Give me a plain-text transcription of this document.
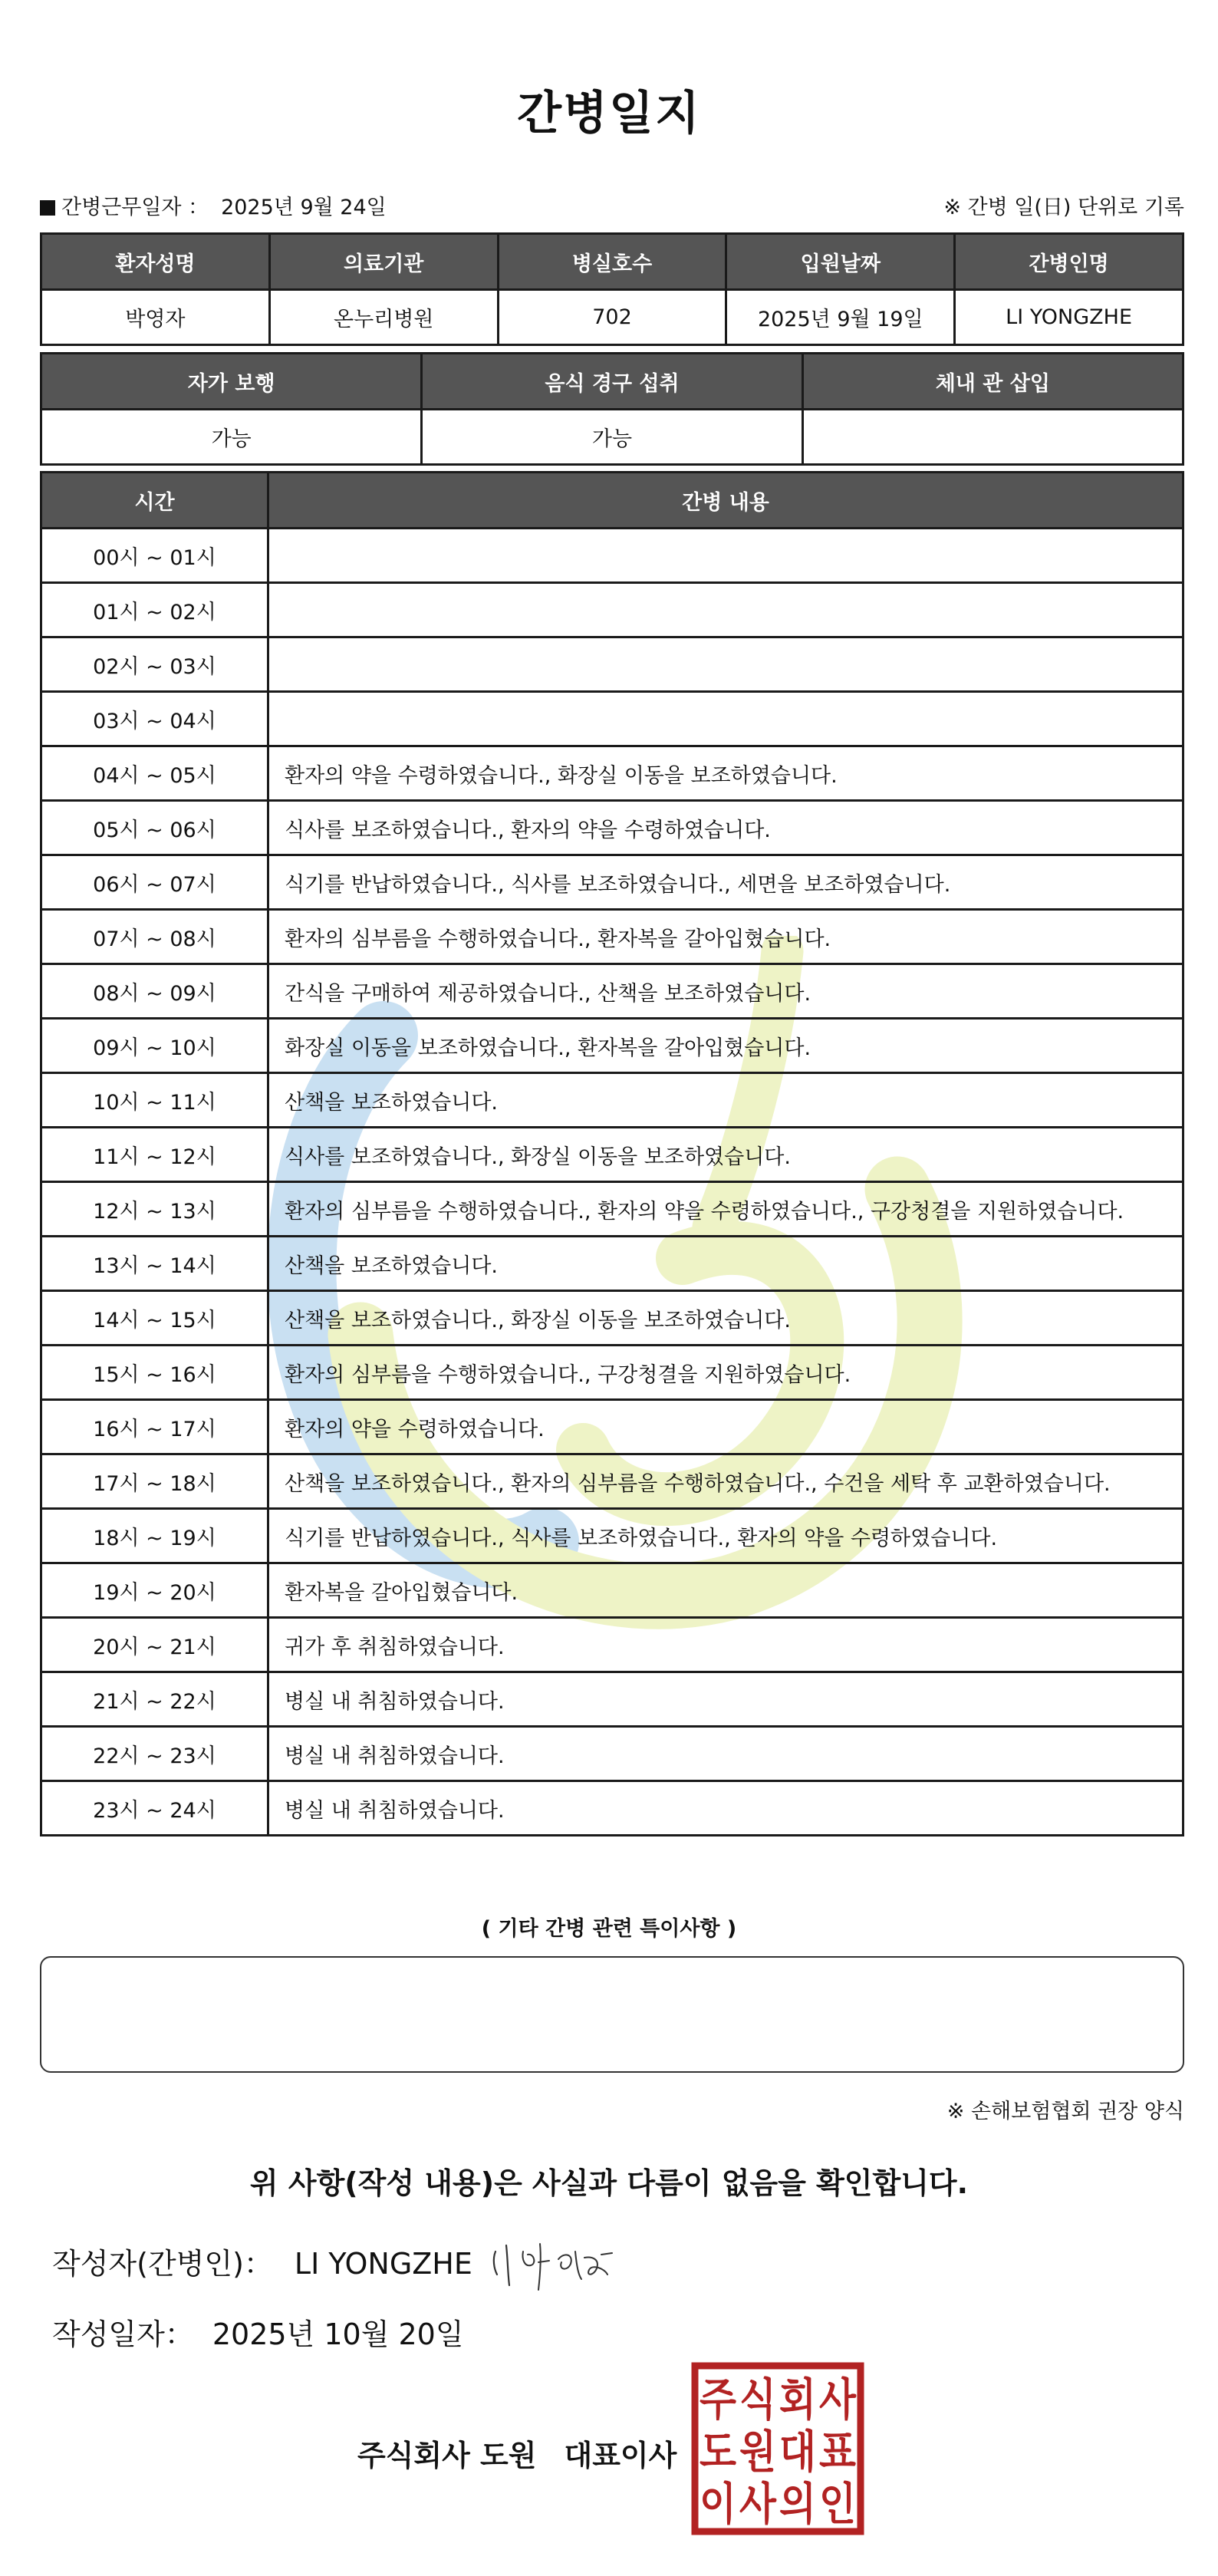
간병일지
간병근무일자 ： 2025년 9월 24일	※ 간병 일(日) 단위로 기록
환자성명	의료기관	병실호수	입원날짜	간병인명
박영자	온누리병원	702	2025년 9월 19일	LI YONGZHE
자가 보행	음식 경구 섭취	체내 관 삽입
가능	가능	
시간	간병 내용
00시 ~ 01시	
01시 ~ 02시	
02시 ~ 03시	
03시 ~ 04시	
04시 ~ 05시	환자의 약을 수령하였습니다., 화장실 이동을 보조하였습니다.
05시 ~ 06시	식사를 보조하였습니다., 환자의 약을 수령하였습니다.
06시 ~ 07시	식기를 반납하였습니다., 식사를 보조하였습니다., 세면을 보조하였습니다.
07시 ~ 08시	환자의 심부름을 수행하였습니다., 환자복을 갈아입혔습니다.
08시 ~ 09시	간식을 구매하여 제공하였습니다., 산책을 보조하였습니다.
09시 ~ 10시	화장실 이동을 보조하였습니다., 환자복을 갈아입혔습니다.
10시 ~ 11시	산책을 보조하였습니다.
11시 ~ 12시	식사를 보조하였습니다., 화장실 이동을 보조하였습니다.
12시 ~ 13시	환자의 심부름을 수행하였습니다., 환자의 약을 수령하였습니다., 구강청결을 지원하였습니다.
13시 ~ 14시	산책을 보조하였습니다.
14시 ~ 15시	산책을 보조하였습니다., 화장실 이동을 보조하였습니다.
15시 ~ 16시	환자의 심부름을 수행하였습니다., 구강청결을 지원하였습니다.
16시 ~ 17시	환자의 약을 수령하였습니다.
17시 ~ 18시	산책을 보조하였습니다., 환자의 심부름을 수행하였습니다., 수건을 세탁 후 교환하였습니다.
18시 ~ 19시	식기를 반납하였습니다., 식사를 보조하였습니다., 환자의 약을 수령하였습니다.
19시 ~ 20시	환자복을 갈아입혔습니다.
20시 ~ 21시	귀가 후 취침하였습니다.
21시 ~ 22시	병실 내 취침하였습니다.
22시 ~ 23시	병실 내 취침하였습니다.
23시 ~ 24시	병실 내 취침하였습니다.
( 기타 간병 관련 특이사항 )
※ 손해보험협회 권장 양식
위 사항(작성 내용)은 사실과 다름이 없음을 확인합니다.
작성자(간병인)： LI YONGZHE
작성일자： 2025년 10월 20일
주식회사 도원 대표이사
주 식 회 사
도 원 대 표
이 사 의 인
